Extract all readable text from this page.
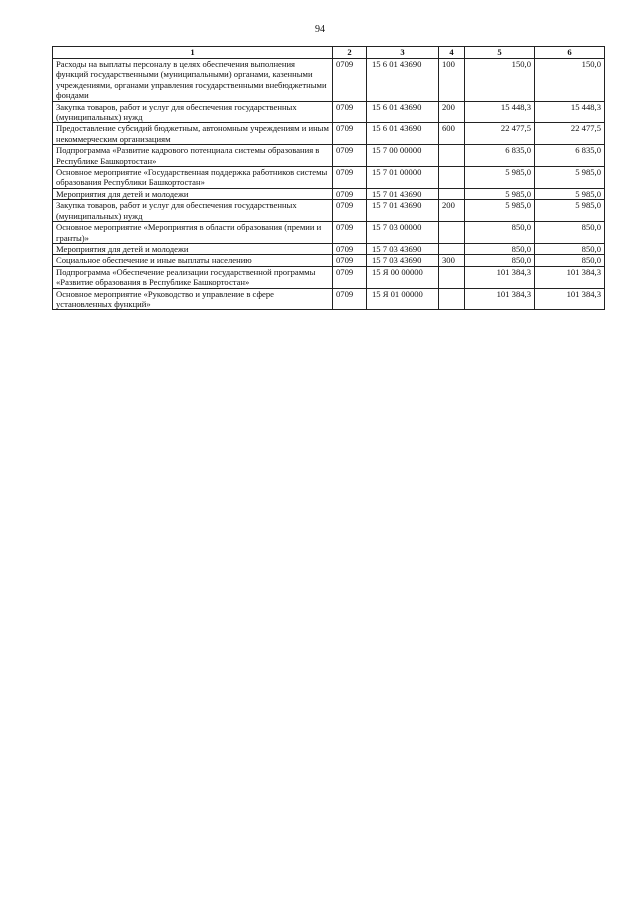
94
1	2	3	4	5	6
Расходы на выплаты персоналу в целях обеспечения выполнения функций государственными (муниципальными) органами, казенными учреждениями, органами управления государственными внебюджетными фондами	0709	15 6 01 43690	100	150,0	150,0
Закупка товаров, работ и услуг для обеспечения государственных (муниципальных) нужд	0709	15 6 01 43690	200	15 448,3	15 448,3
Предоставление субсидий бюджетным, автономным учреждениям и иным некоммерческим организациям	0709	15 6 01 43690	600	22 477,5	22 477,5
Подпрограмма «Развитие кадрового потенциала системы образования в Республике Башкортостан»	0709	15 7 00 00000		6 835,0	6 835,0
Основное мероприятие «Государственная поддержка работников системы образования Республики Башкортостан»	0709	15 7 01 00000		5 985,0	5 985,0
Мероприятия для детей и молодежи	0709	15 7 01 43690		5 985,0	5 985,0
Закупка товаров, работ и услуг для обеспечения государственных (муниципальных) нужд	0709	15 7 01 43690	200	5 985,0	5 985,0
Основное мероприятие «Мероприятия в области образования (премии и гранты)»	0709	15 7 03 00000		850,0	850,0
Мероприятия для детей и молодежи	0709	15 7 03 43690		850,0	850,0
Социальное обеспечение и иные выплаты населению	0709	15 7 03 43690	300	850,0	850,0
Подпрограмма «Обеспечение реализации государственной программы «Развитие образования в Республике Башкортостан»	0709	15 Я 00 00000		101 384,3	101 384,3
Основное мероприятие «Руководство и управление в сфере установленных функций»	0709	15 Я 01 00000		101 384,3	101 384,3
